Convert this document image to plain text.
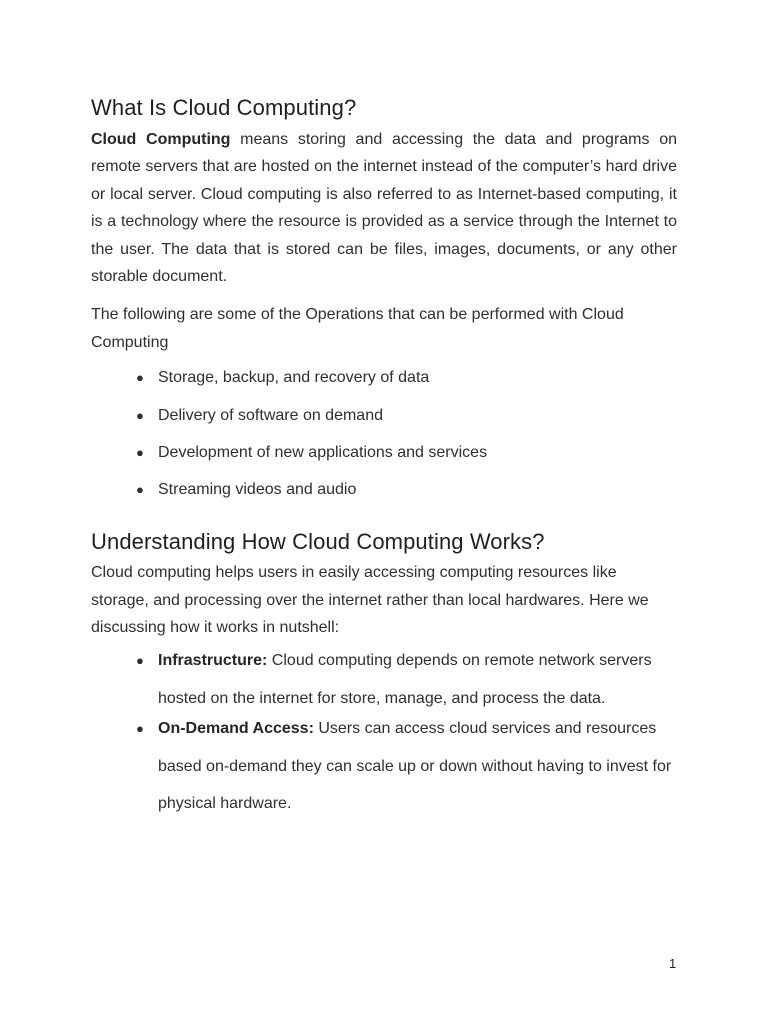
What Is Cloud Computing?

Cloud Computing means storing and accessing the data and programs on remote servers that are hosted on the internet instead of the computer’s hard drive or local server. Cloud computing is also referred to as Internet-based computing, it is a technology where the resource is provided as a service through the Internet to the user. The data that is stored can be files, images, documents, or any other storable document.

The following are some of the Operations that can be performed with Cloud Computing

● Storage, backup, and recovery of data
● Delivery of software on demand
● Development of new applications and services
● Streaming videos and audio
Understanding How Cloud Computing Works?

Cloud computing helps users in easily accessing computing resources like storage, and processing over the internet rather than local hardwares. Here we discussing how it works in nutshell:

● Infrastructure: Cloud computing depends on remote network servers hosted on the internet for store, manage, and process the data.
● On-Demand Access: Users can access cloud services and resources based on-demand they can scale up or down without having to invest for physical hardware.
1
